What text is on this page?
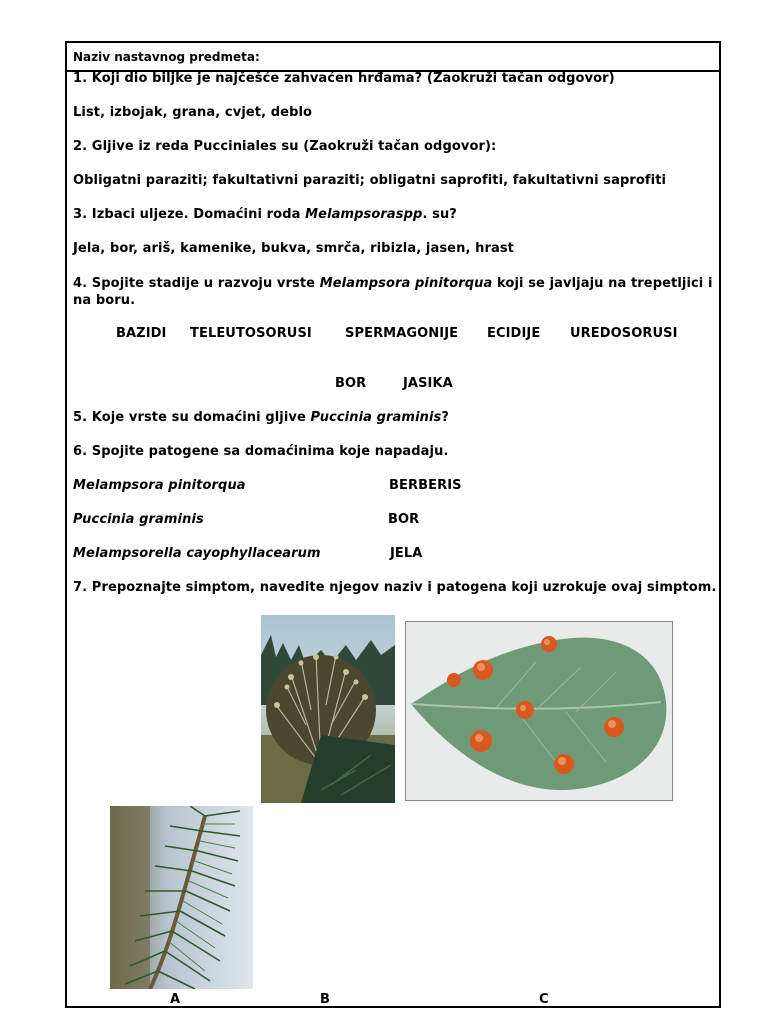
Naziv nastavnog predmeta:
1. Koji dio biljke je najčešće zahvaćen hrđama? (Zaokruži tačan odgovor)
List, izbojak, grana, cvjet, deblo
2. Gljive iz reda Pucciniales su (Zaokruži tačan odgovor):
Obligatni paraziti; fakultativni paraziti; obligatni saprofiti, fakultativni saprofiti
3. Izbaci uljeze. Domaćini roda Melampsoraspp. su?
Jela, bor, ariš, kamenike, bukva, smrča, ribizla, jasen, hrast
4. Spojite stadije u razvoju vrste Melampsora pinitorqua koji se javljaju na trepetljici i na boru.
BAZIDI TELEUTOSORUSI	SPERMAGONIJE ECIDIJE UREDOSORUSI
BOR	JASIKA
5. Koje vrste su domaćini gljive Puccinia graminis?
6. Spojite patogene sa domaćinima koje napadaju.
Melampsora pinitorqua	BERBERIS
Puccinia graminis	BOR
Melampsorella cayophyllacearum	JELA
7. Prepoznajte simptom, navedite njegov naziv i patogena koji uzrokuje ovaj simptom.
A	B	C
